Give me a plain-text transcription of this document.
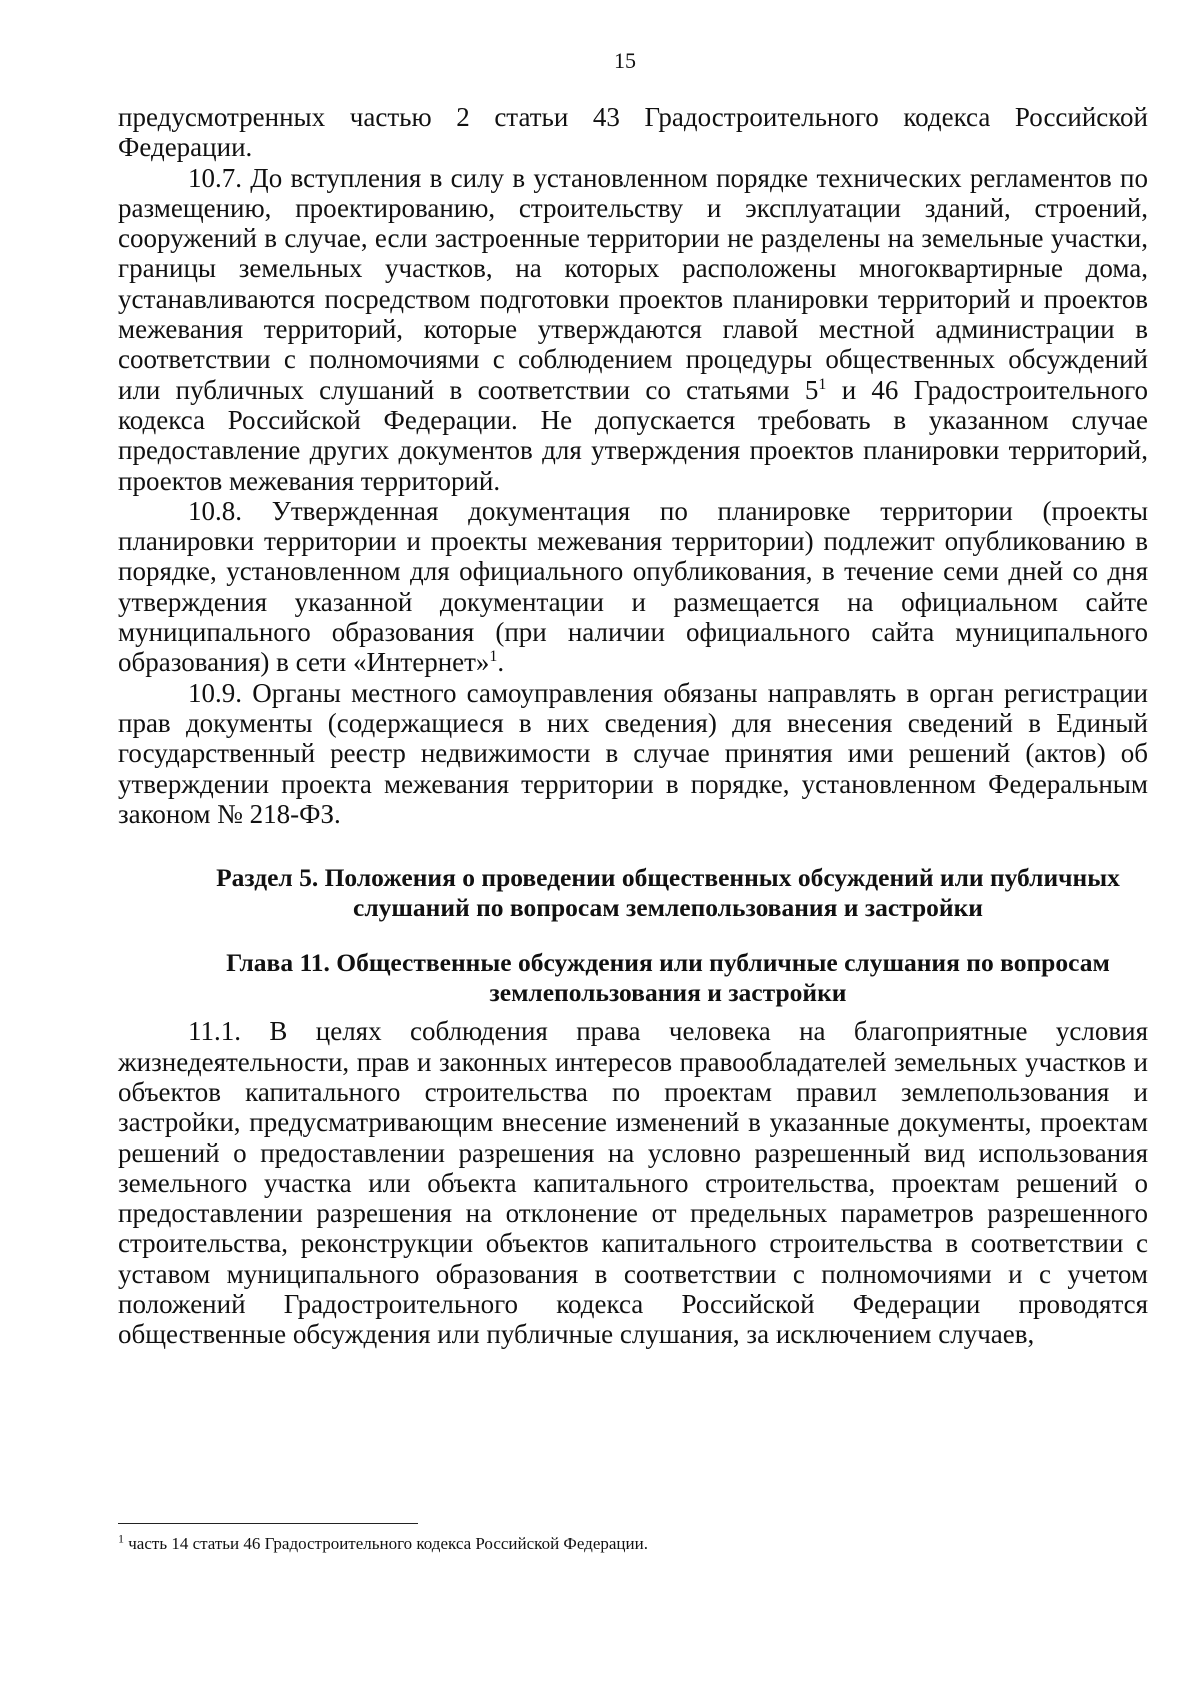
15

предусмотренных частью 2 статьи 43 Градостроительного кодекса Российской Федерации.

10.7. До вступления в силу в установленном порядке технических регламентов по размещению, проектированию, строительству и эксплуатации зданий, строений, сооружений в случае, если застроенные территории не разделены на земельные участки, границы земельных участков, на которых расположены многоквартирные дома, устанавливаются посредством подготовки проектов планировки территорий и проектов межевания территорий, которые утверждаются главой местной администрации в соответствии с полномочиями с соблюдением процедуры общественных обсуждений или публичных слушаний в соответствии со статьями $5^1$ и 46 Градостроительного кодекса Российской Федерации. Не допускается требовать в указанном случае предоставление других документов для утверждения проектов планировки территорий, проектов межевания территорий.

10.8. Утвержденная документация по планировке территории (проекты планировки территории и проекты межевания территории) подлежит опубликованию в порядке, установленном для официального опубликования, в течение семи дней со дня утверждения указанной документации и размещается на официальном сайте муниципального образования (при наличии официального сайта муниципального образования) в сети «Интернет»$^1$.

10.9. Органы местного самоуправления обязаны направлять в орган регистрации прав документы (содержащиеся в них сведения) для внесения сведений в Единый государственный реестр недвижимости в случае принятия ими решений (актов) об утверждении проекта межевания территории в порядке, установленном Федеральным законом № 218-ФЗ.

Раздел 5. Положения о проведении общественных обсуждений или публичных слушаний по вопросам землепользования и застройки
Глава 11. Общественные обсуждения или публичные слушания по вопросам землепользования и застройки

11.1. В целях соблюдения права человека на благоприятные условия жизнедеятельности, прав и законных интересов правообладателей земельных участков и объектов капитального строительства по проектам правил землепользования и застройки, предусматривающим внесение изменений в указанные документы, проектам решений о предоставлении разрешения на условно разрешенный вид использования земельного участка или объекта капитального строительства, проектам решений о предоставлении разрешения на отклонение от предельных параметров разрешенного строительства, реконструкции объектов капитального строительства в соответствии с уставом муниципального образования в соответствии с полномочиями и с учетом положений Градостроительного кодекса Российской Федерации проводятся общественные обсуждения или публичные слушания, за исключением случаев,

$^1$ часть 14 статьи 46 Градостроительного кодекса Российской Федерации.
